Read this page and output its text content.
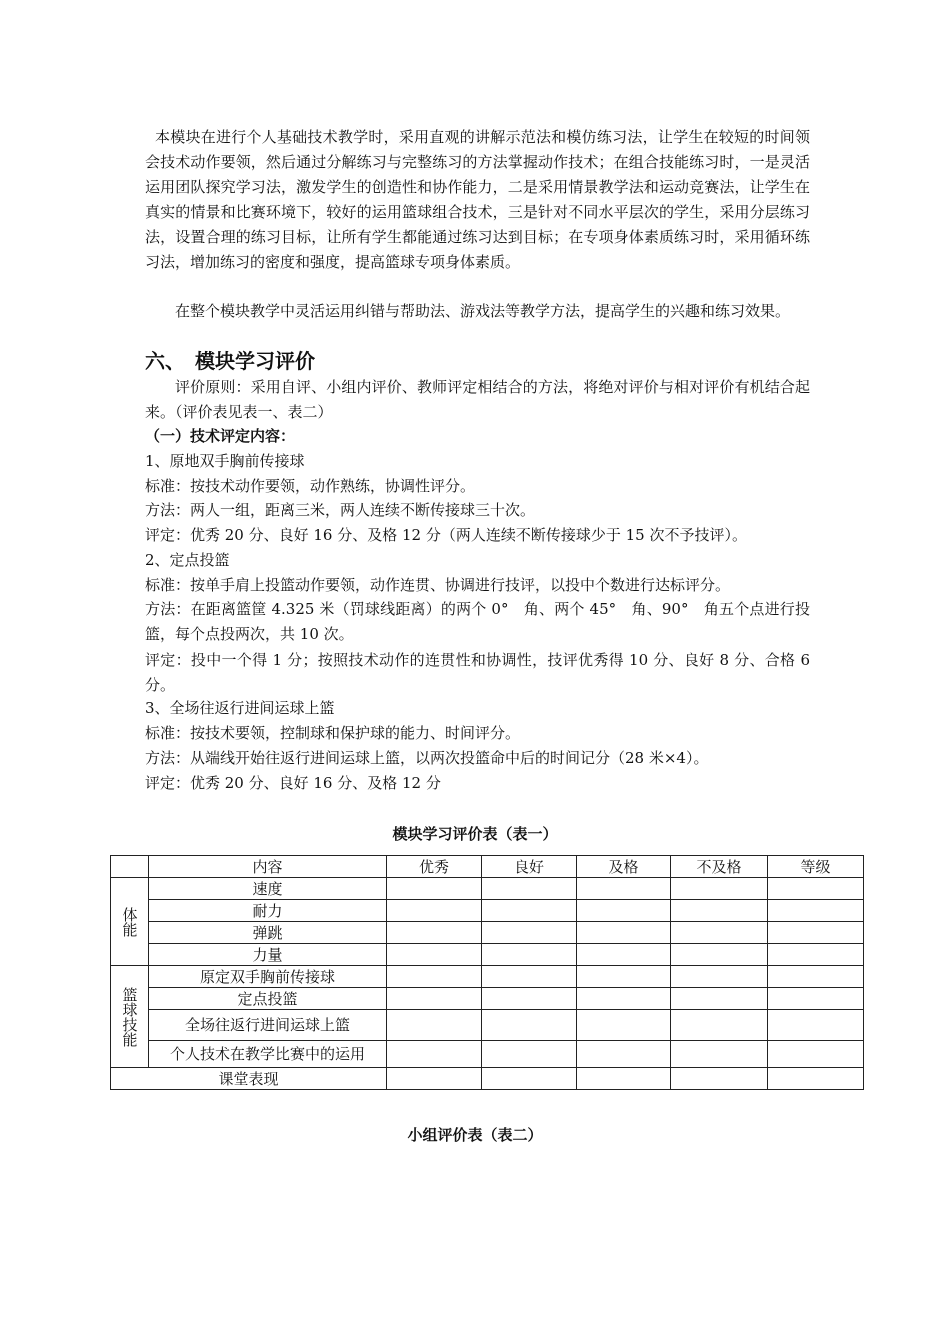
本模块在进行个人基础技术教学时，采用直观的讲解示范法和模仿练习法，让学生在较短的时间领会技术动作要领，然后通过分解练习与完整练习的方法掌握动作技术；在组合技能练习时，一是灵活运用团队探究学习法，激发学生的创造性和协作能力，二是采用情景教学法和运动竞赛法，让学生在真实的情景和比赛环境下，较好的运用篮球组合技术，三是针对不同水平层次的学生，采用分层练习法，设置合理的练习目标，让所有学生都能通过练习达到目标；在专项身体素质练习时，采用循环练习法，增加练习的密度和强度，提高篮球专项身体素质。

在整个模块教学中灵活运用纠错与帮助法、游戏法等教学方法，提高学生的兴趣和练习效果。

六、　模块学习评价

评价原则：采用自评、小组内评价、教师评定相结合的方法，将绝对评价与相对评价有机结合起来。（评价表见表一、表二）

（一）技术评定内容：

1、原地双手胸前传接球

标准：按技术动作要领，动作熟练，协调性评分。

方法：两人一组，距离三米，两人连续不断传接球三十次。

评定：优秀 20 分、良好 16 分、及格 12 分（两人连续不断传接球少于 15 次不予技评）。

2、定点投篮

标准：按单手肩上投篮动作要领，动作连贯、协调进行技评，以投中个数进行达标评分。

方法：在距离篮筐 4.325 米（罚球线距离）的两个 0°　角、两个 45°　角、90°　角五个点进行投篮，每个点投两次，共 10 次。

评定：投中一个得 1 分；按照技术动作的连贯性和协调性，技评优秀得 10 分、良好 8 分、合格 6 分。

3、全场往返行进间运球上篮

标准：按技术要领，控制球和保护球的能力、时间评分。

方法：从端线开始往返行进间运球上篮，以两次投篮命中后的时间记分（28 米×4）。

评定：优秀 20 分、良好 16 分、及格 12 分

模块学习评价表（表一）
	内容	优秀	良好	及格	不及格	等级
体能	速度					
	耐力					
	弹跳					
	力量					
篮球技能	原定双手胸前传接球					
	定点投篮					
	全场往返行进间运球上篮					
	个人技术在教学比赛中的运用					
课堂表现						
小组评价表（表二）
